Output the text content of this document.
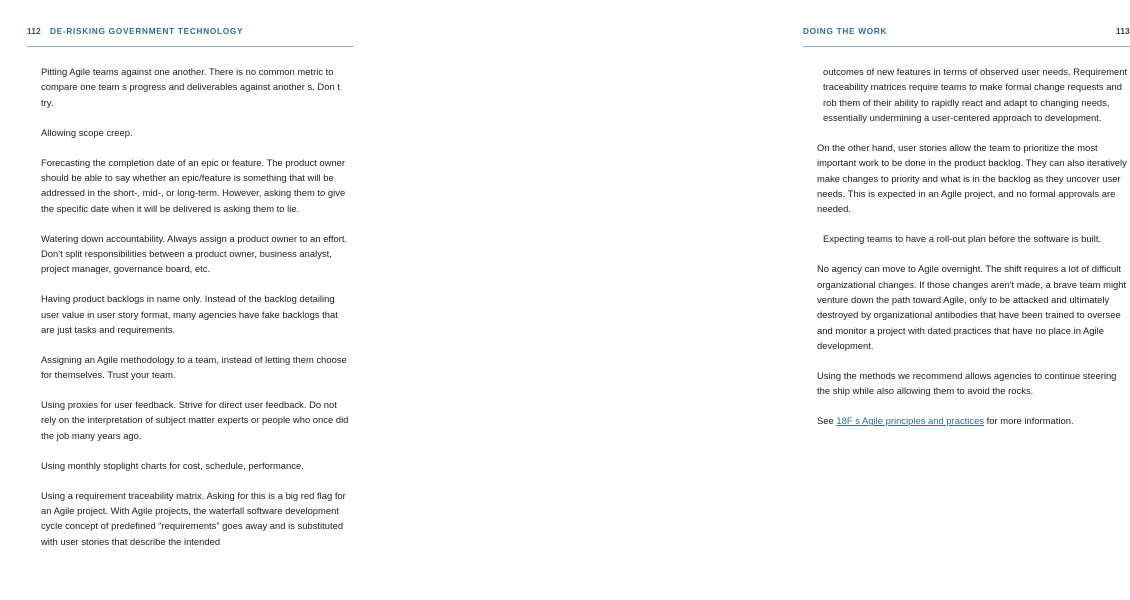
112 DE-RISKING GOVERNMENT TECHNOLOGY

Pitting Agile teams against one another. There is no common metric to compare one team s progress and deliverables against another s. Don t try.

Allowing scope creep.

Forecasting the completion date of an epic or feature. The product owner should be able to say whether an epic/feature is something that will be addressed in the short-, mid-, or long-term. However, asking them to give the specific date when it will be delivered is asking them to lie.

Watering down accountability. Always assign a product owner to an effort. Don't split responsibilities between a product owner, business analyst, project manager, governance board, etc.

Having product backlogs in name only. Instead of the backlog detailing user value in user story format, many agencies have fake backlogs that are just tasks and requirements.

Assigning an Agile methodology to a team, instead of letting them choose for themselves. Trust your team.

Using proxies for user feedback. Strive for direct user feedback. Do not rely on the interpretation of subject matter experts or people who once did the job many years ago.

Using monthly stoplight charts for cost, schedule, performance.

Using a requirement traceability matrix. Asking for this is a big red flag for an Agile project. With Agile projects, the waterfall software development cycle concept of predefined “requirements” goes away and is substituted with user stories that describe the intended

DOING THE WORK	113

outcomes of new features in terms of observed user needs. Requirement traceability matrices require teams to make formal change requests and rob them of their ability to rapidly react and adapt to changing needs, essentially undermining a user-centered approach to development.

On the other hand, user stories allow the team to prioritize the most important work to be done in the product backlog. They can also iteratively make changes to priority and what is in the backlog as they uncover user needs. This is expected in an Agile project, and no formal approvals are needed.

Expecting teams to have a roll-out plan before the software is built.

No agency can move to Agile overnight. The shift requires a lot of difficult organizational changes. If those changes aren't made, a brave team might venture down the path toward Agile, only to be attacked and ultimately destroyed by organizational antibodies that have been trained to oversee and monitor a project with dated practices that have no place in Agile development.

Using the methods we recommend allows agencies to continue steering the ship while also allowing them to avoid the rocks.

See 18F s Agile principles and practices for more information.
